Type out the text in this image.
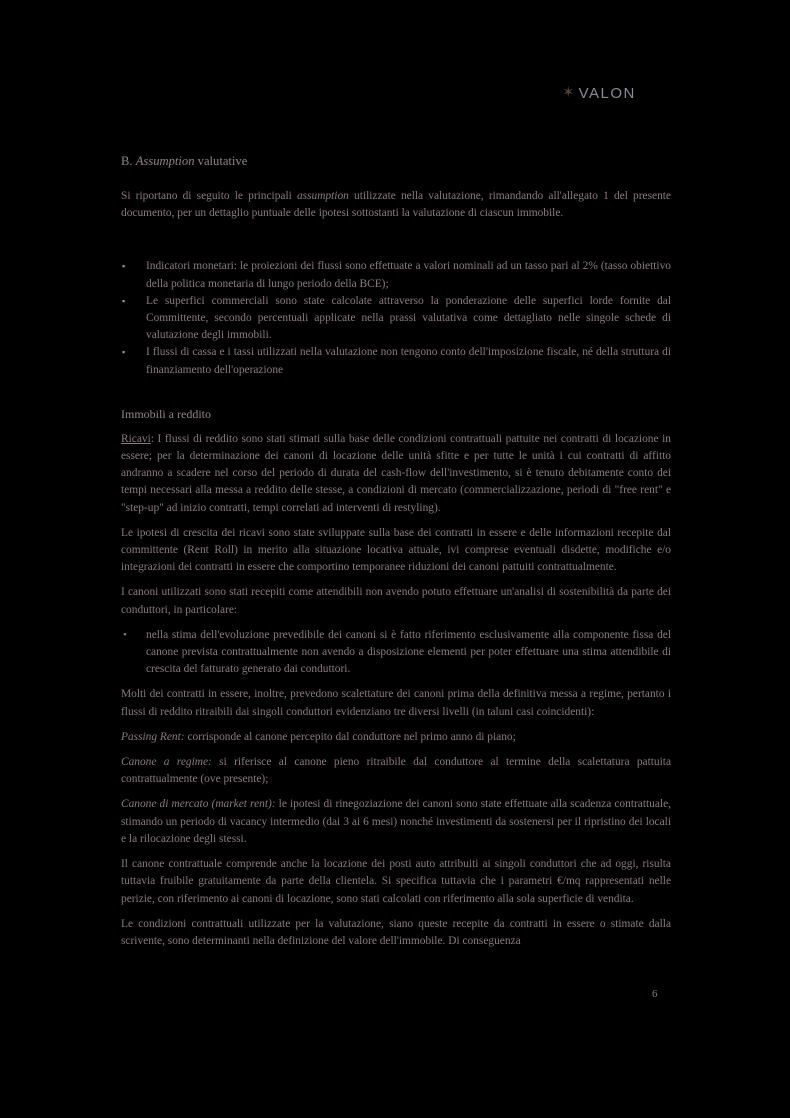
✶ VALON
B. Assumption valutative

Si riportano di seguito le principali assumption utilizzate nella valutazione, rimandando all'allegato 1 del presente documento, per un dettaglio puntuale delle ipotesi sottostanti la valutazione di ciascun immobile.

▪ Indicatori monetari: le proiezioni dei flussi sono effettuate a valori nominali ad un tasso pari al 2% (tasso obiettivo della politica monetaria di lungo periodo della BCE);
▪ Le superfici commerciali sono state calcolate attraverso la ponderazione delle superfici lorde fornite dal Committente, secondo percentuali applicate nella prassi valutativa come dettagliato nelle singole schede di valutazione degli immobili.
▪ I flussi di cassa e i tassi utilizzati nella valutazione non tengono conto dell'imposizione fiscale, né della struttura di finanziamento dell'operazione
Immobili a reddito

Ricavi: I flussi di reddito sono stati stimati sulla base delle condizioni contrattuali pattuite nei contratti di locazione in essere; per la determinazione dei canoni di locazione delle unità sfitte e per tutte le unità i cui contratti di affitto andranno a scadere nel corso del periodo di durata del cash-flow dell'investimento, si è tenuto debitamente conto dei tempi necessari alla messa a reddito delle stesse, a condizioni di mercato (commercializzazione, periodi di "free rent" e "step-up" ad inizio contratti, tempi correlati ad interventi di restyling).

Le ipotesi di crescita dei ricavi sono state sviluppate sulla base dei contratti in essere e delle informazioni recepite dal committente (Rent Roll) in merito alla situazione locativa attuale, ivi comprese eventuali disdette, modifiche e/o integrazioni dei contratti in essere che comportino temporanee riduzioni dei canoni pattuiti contrattualmente.

I canoni utilizzati sono stati recepiti come attendibili non avendo potuto effettuare un'analisi di sostenibilità da parte dei conduttori, in particolare:

• nella stima dell'evoluzione prevedibile dei canoni si è fatto riferimento esclusivamente alla componente fissa del canone prevista contrattualmente non avendo a disposizione elementi per poter effettuare una stima attendibile di crescita del fatturato generato dai conduttori.

Molti dei contratti in essere, inoltre, prevedono scalettature dei canoni prima della definitiva messa a regime, pertanto i flussi di reddito ritraibili dai singoli conduttori evidenziano tre diversi livelli (in taluni casi coincidenti):

Passing Rent: corrisponde al canone percepito dal conduttore nel primo anno di piano;

Canone a regime: si riferisce al canone pieno ritraibile dal conduttore al termine della scalettatura pattuita contrattualmente (ove presente);

Canone di mercato (market rent): le ipotesi di rinegoziazione dei canoni sono state effettuate alla scadenza contrattuale, stimando un periodo di vacancy intermedio (dai 3 ai 6 mesi) nonché investimenti da sostenersi per il ripristino dei locali e la rilocazione degli stessi.

Il canone contrattuale comprende anche la locazione dei posti auto attribuiti ai singoli conduttori che ad oggi, risulta tuttavia fruibile gratuitamente da parte della clientela. Si specifica tuttavia che i parametri €/mq rappresentati nelle perizie, con riferimento ai canoni di locazione, sono stati calcolati con riferimento alla sola superficie di vendita.

Le condizioni contrattuali utilizzate per la valutazione, siano queste recepite da contratti in essere o stimate dalla scrivente, sono determinanti nella definizione del valore dell'immobile. Di conseguenza

6
